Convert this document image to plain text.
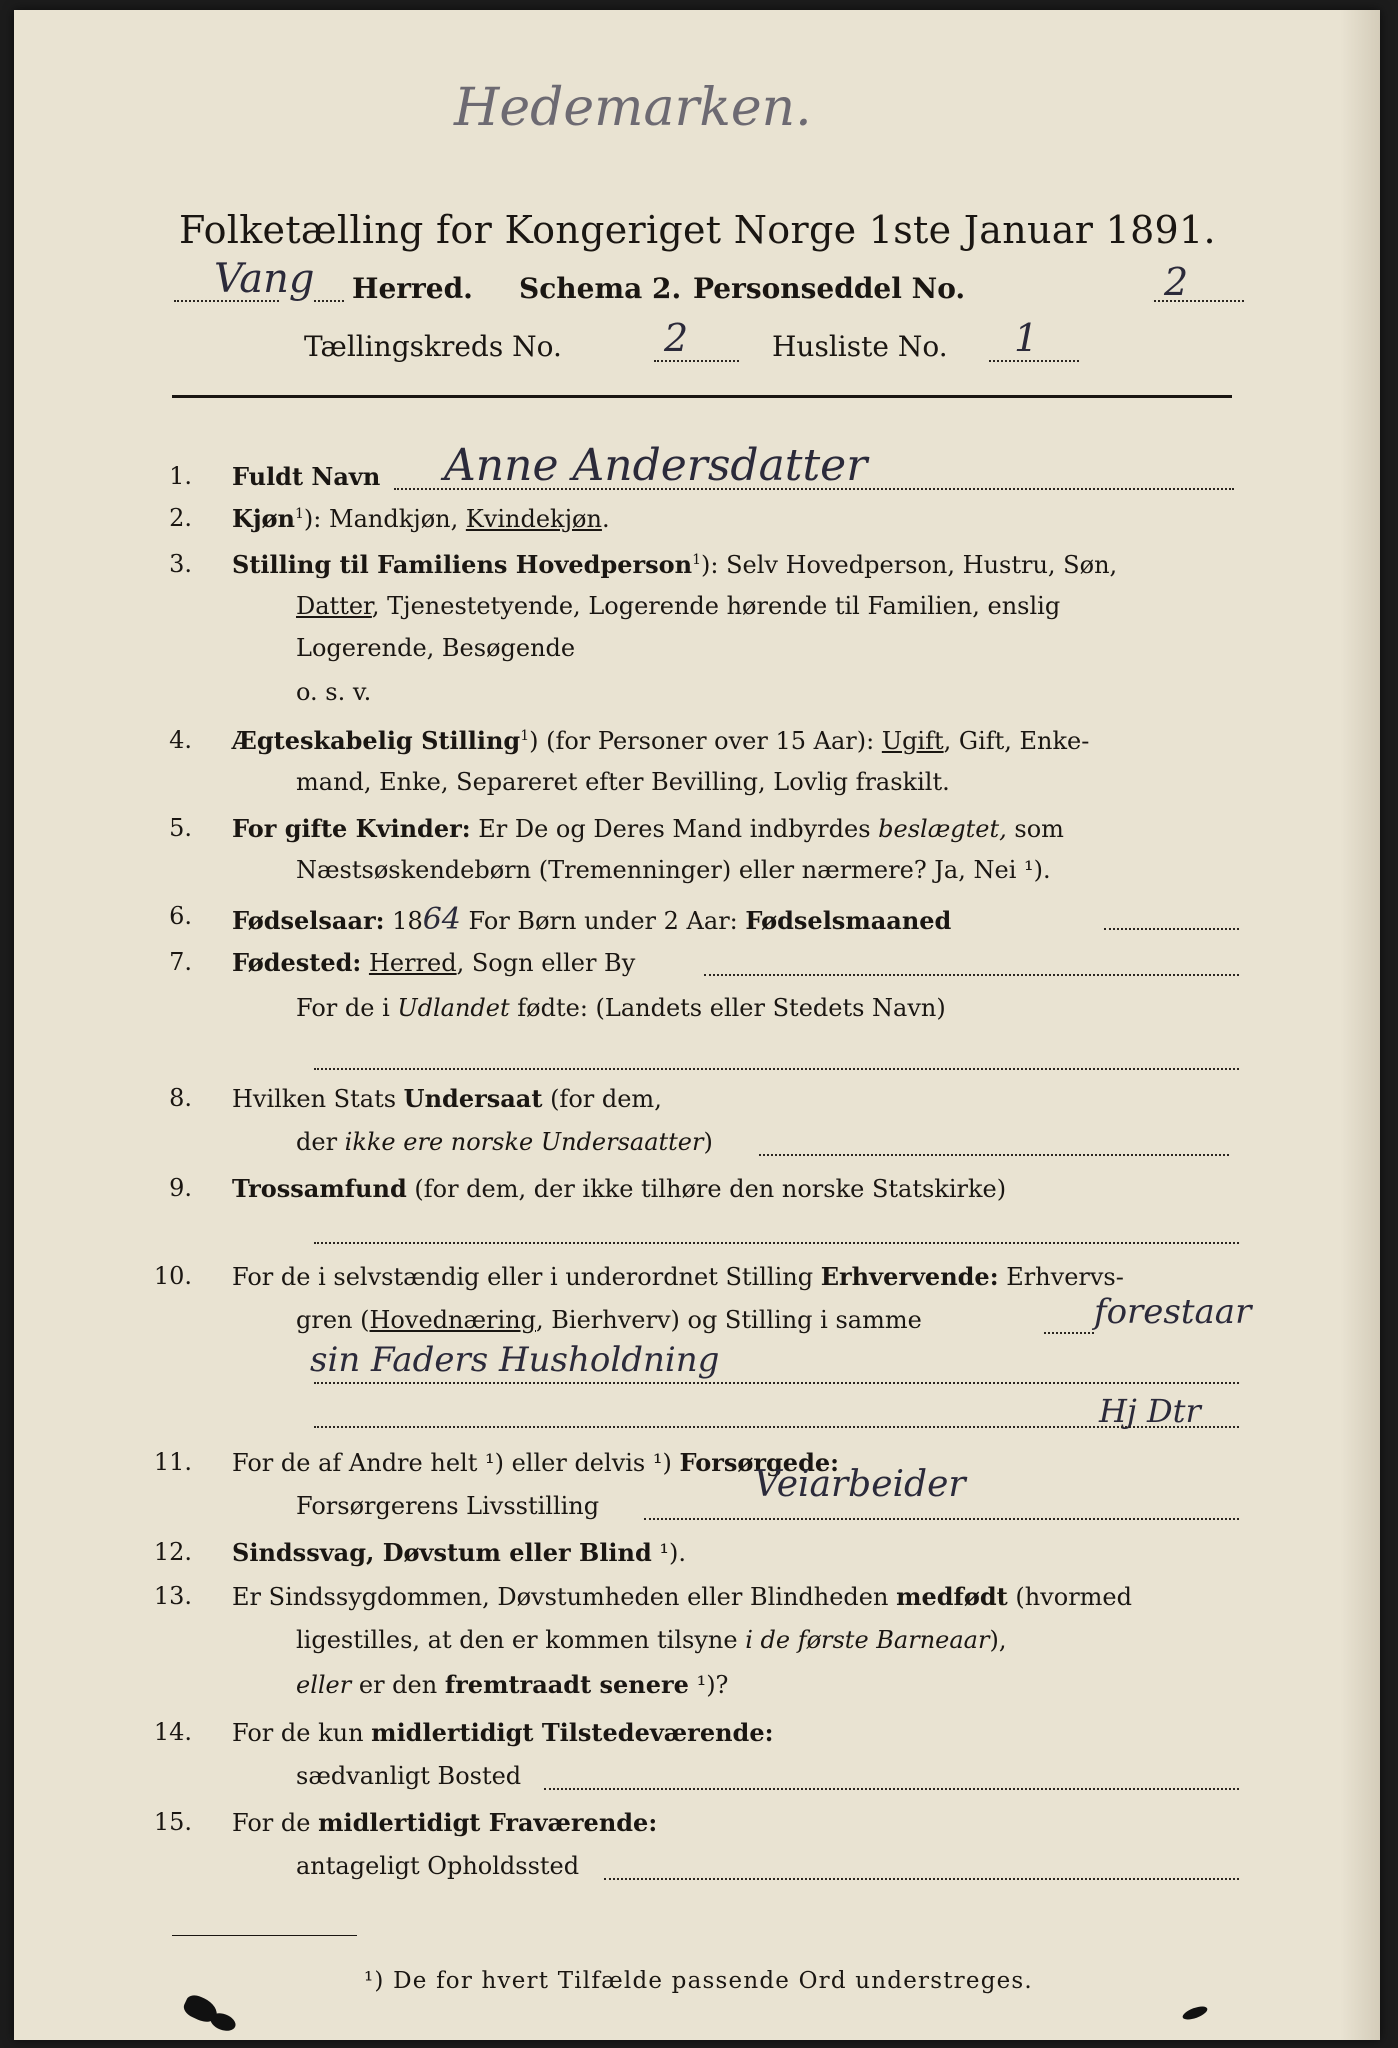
Hedemarken.
Folketælling for Kongeriget Norge 1ste Januar 1891.
Vang Herred. Schema 2. Personseddel No.	2
Tællingskreds No.	2	Husliste No. 1
1. Fuldt Navn Anne Andersdatter
2. Kjøn$^1$): Mandkjøn, Kvindekjøn.
3. Stilling til Familiens Hovedperson$^1$): Selv Hovedperson, Hustru, Søn,
Datter, Tjenestetyende, Logerende hørende til Familien, enslig
Logerende, Besøgende
o. s. v.
4. Ægteskabelig Stilling$^1$) (for Personer over 15 Aar): Ugift, Gift, Enke-
mand, Enke, Separeret efter Bevilling, Lovlig fraskilt.
5. For gifte Kvinder: Er De og Deres Mand indbyrdes beslægtet, som
Næstsøskendebørn (Tremenninger) eller nærmere? Ja, Nei ¹).
6. Fødselsaar: 1864 For Børn under 2 Aar: Fødselsmaaned
7. Fødested: Herred, Sogn eller By
For de i Udlandet fødte: (Landets eller Stedets Navn)
8. Hvilken Stats Undersaat (for dem,
der ikke ere norske Undersaatter)
9. Trossamfund (for dem, der ikke tilhøre den norske Statskirke)
10. For de i selvstændig eller i underordnet Stilling Erhvervende: Erhvervs-
gren (Hovednæring, Bierhverv) og Stilling i samme	forestaar
sin Faders Husholdning
Hj Dtr
11. For de af Andre helt ¹) eller delvis ¹) Forsørgede:
Forsørgerens Livsstilling
Veiarbeider
12. Sindssvag, Døvstum eller Blind ¹).
13. Er Sindssygdommen, Døvstumheden eller Blindheden medfødt (hvormed
ligestilles, at den er kommen tilsyne i de første Barneaar),
eller er den fremtraadt senere ¹)?
14. For de kun midlertidigt Tilstedeværende:
sædvanligt Bosted
15. For de midlertidigt Fraværende:
antageligt Opholdssted
¹) De for hvert Tilfælde passende Ord understreges.
